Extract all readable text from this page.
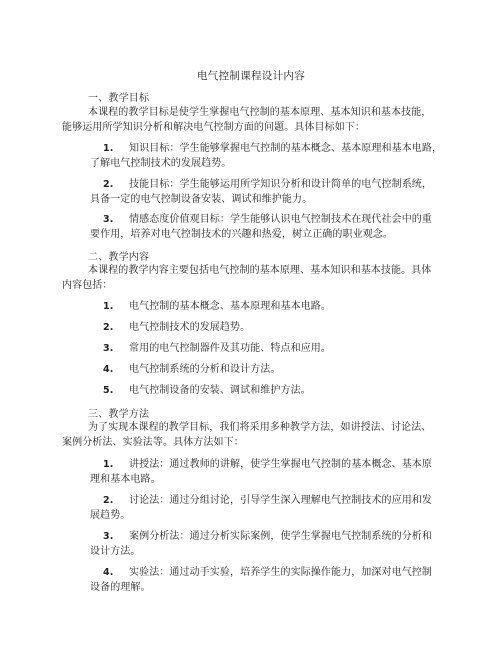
电气控制课程设计内容
一、教学目标
本课程的教学目标是使学生掌握电气控制的基本原理、基本知识和基本技能，
能够运用所学知识分析和解决电气控制方面的问题。具体目标如下：
1. 知识目标：学生能够掌握电气控制的基本概念、基本原理和基本电路，
了解电气控制技术的发展趋势。
2. 技能目标：学生能够运用所学知识分析和设计简单的电气控制系统，
具备一定的电气控制设备安装、调试和维护能力。
3. 情感态度价值观目标：学生能够认识电气控制技术在现代社会中的重
要作用，培养对电气控制技术的兴趣和热爱，树立正确的职业观念。
二、教学内容
本课程的教学内容主要包括电气控制的基本原理、基本知识和基本技能。具体
内容包括：
1. 电气控制的基本概念、基本原理和基本电路。
2. 电气控制技术的发展趋势。
3. 常用的电气控制器件及其功能、特点和应用。
4. 电气控制系统的分析和设计方法。
5. 电气控制设备的安装、调试和维护方法。
三、教学方法
为了实现本课程的教学目标，我们将采用多种教学方法，如讲授法、讨论法、
案例分析法、实验法等。具体方法如下：
1. 讲授法：通过教师的讲解，使学生掌握电气控制的基本概念、基本原
理和基本电路。
2. 讨论法：通过分组讨论，引导学生深入理解电气控制技术的应用和发
展趋势。
3. 案例分析法：通过分析实际案例，使学生掌握电气控制系统的分析和
设计方法。
4. 实验法：通过动手实验，培养学生的实际操作能力，加深对电气控制
设备的理解。
